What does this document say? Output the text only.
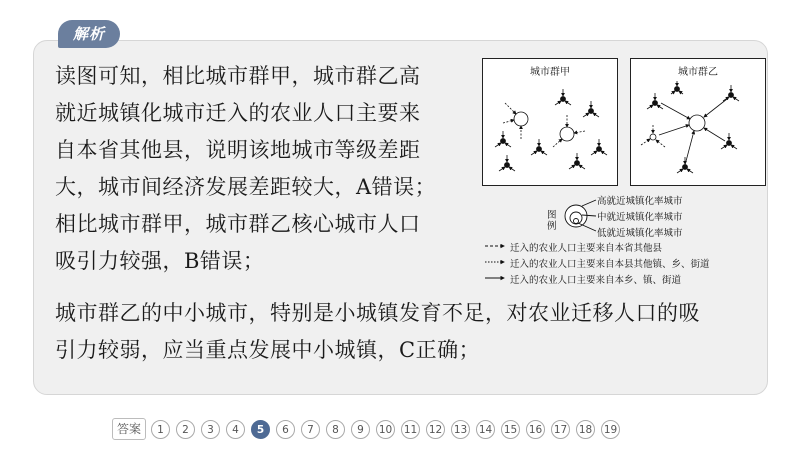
解析
读图可知，相比城市群甲，城市群乙高
就近城镇化城市迁入的农业人口主要来
自本省其他县，说明该地城市等级差距
大，城市间经济发展差距较大，A错误；
相比城市群甲，城市群乙核心城市人口
吸引力较强，B错误；
城市群乙的中小城市，特别是小城镇发育不足，对农业迁移人口的吸
引力较弱，应当重点发展中小城镇，C正确；
城市群甲	城市群乙
图例
高就近城镇化率城市
中就近城镇化率城市
低就近城镇化率城市
迁入的农业人口主要来自本省其他县
迁入的农业人口主要来自本县其他镇、乡、街道
迁入的农业人口主要来自本乡、镇、街道
答案	1	2	3	4	5	6	7	8	9	10 11 12 13 14 15 16 17 18 19
